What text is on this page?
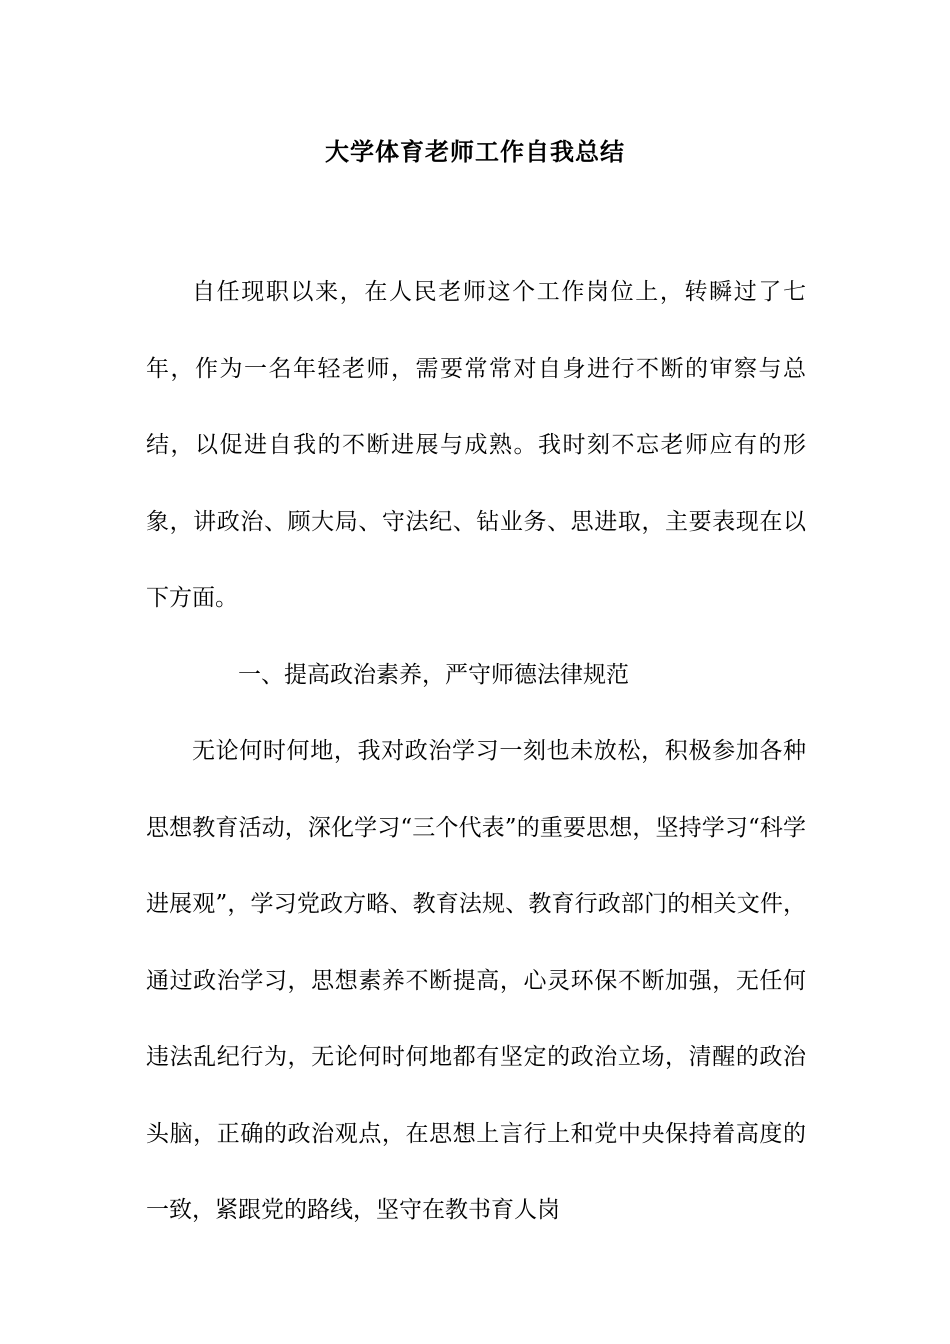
大学体育老师工作自我总结

自任现职以来，在人民老师这个工作岗位上，转瞬过了七年，作为一名年轻老师，需要常常对自身进行不断的审察与总结，以促进自我的不断进展与成熟。我时刻不忘老师应有的形象，讲政治、顾大局、守法纪、钻业务、思进取，主要表现在以下方面。

一、提高政治素养，严守师德法律规范

无论何时何地，我对政治学习一刻也未放松，积极参加各种思想教育活动，深化学习“三个代表”的重要思想，坚持学习“科学进展观”，学习党政方略、教育法规、教育行政部门的相关文件，通过政治学习，思想素养不断提高，心灵环保不断加强，无任何违法乱纪行为，无论何时何地都有坚定的政治立场，清醒的政治头脑，正确的政治观点，在思想上言行上和党中央保持着高度的一致，紧跟党的路线，坚守在教书育人岗
